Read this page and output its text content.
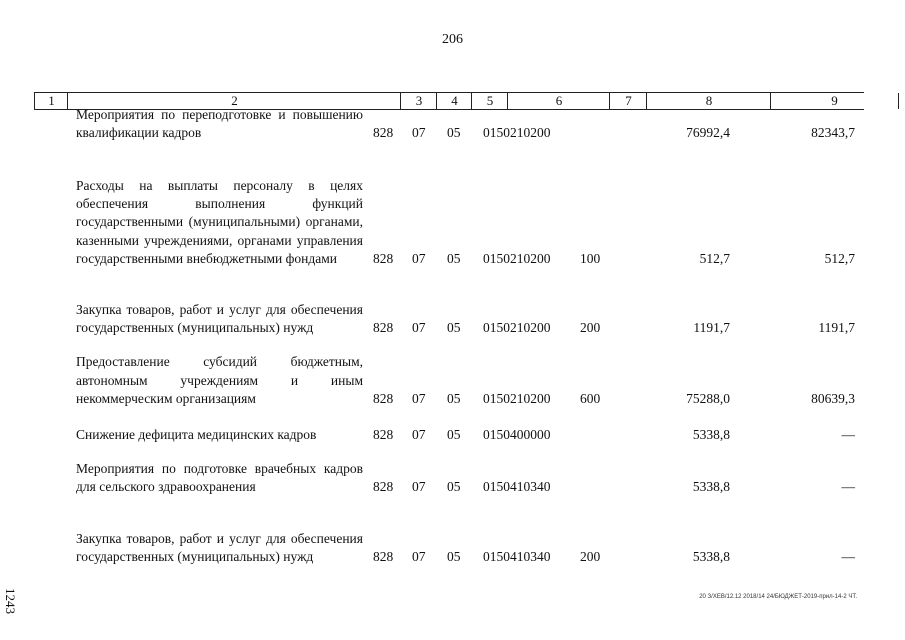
206
1	2	3	4	5	6	7	8	9
Мероприятия по переподготовке и повышению квалификации кадров	828 07 05 0150210200	76992,4	82343,7
Расходы на выплаты персоналу в целях обеспечения выполнения функций государственными (муниципальными) органами, казенными учреждениями, органами управления государственными внебюджетными фондами	828 07 05 0150210200 100	512,7	512,7
Закупка товаров, работ и услуг для обеспечения государственных (муниципальных) нужд	828 07 05 0150210200 200	1191,7	1191,7
Предоставление субсидий бюджетным, автономным учреждениям и иным некоммерческим организациям	828 07 05 0150210200 600	75288,0	80639,3
Снижение дефицита медицинских кадров	828 07 05 0150400000	5338,8	—
Мероприятия по подготовке врачебных кадров для сельского здравоохранения	828 07 05 0150410340	5338,8	—
Закупка товаров, работ и услуг для обеспечения государственных (муниципальных) нужд	828 07 05 0150410340 200	5338,8	—
20 З/ХЕВ/12.12 2018/14 24/БЮДЖЕТ-2019-прил-14-2 ЧТ.
1243
